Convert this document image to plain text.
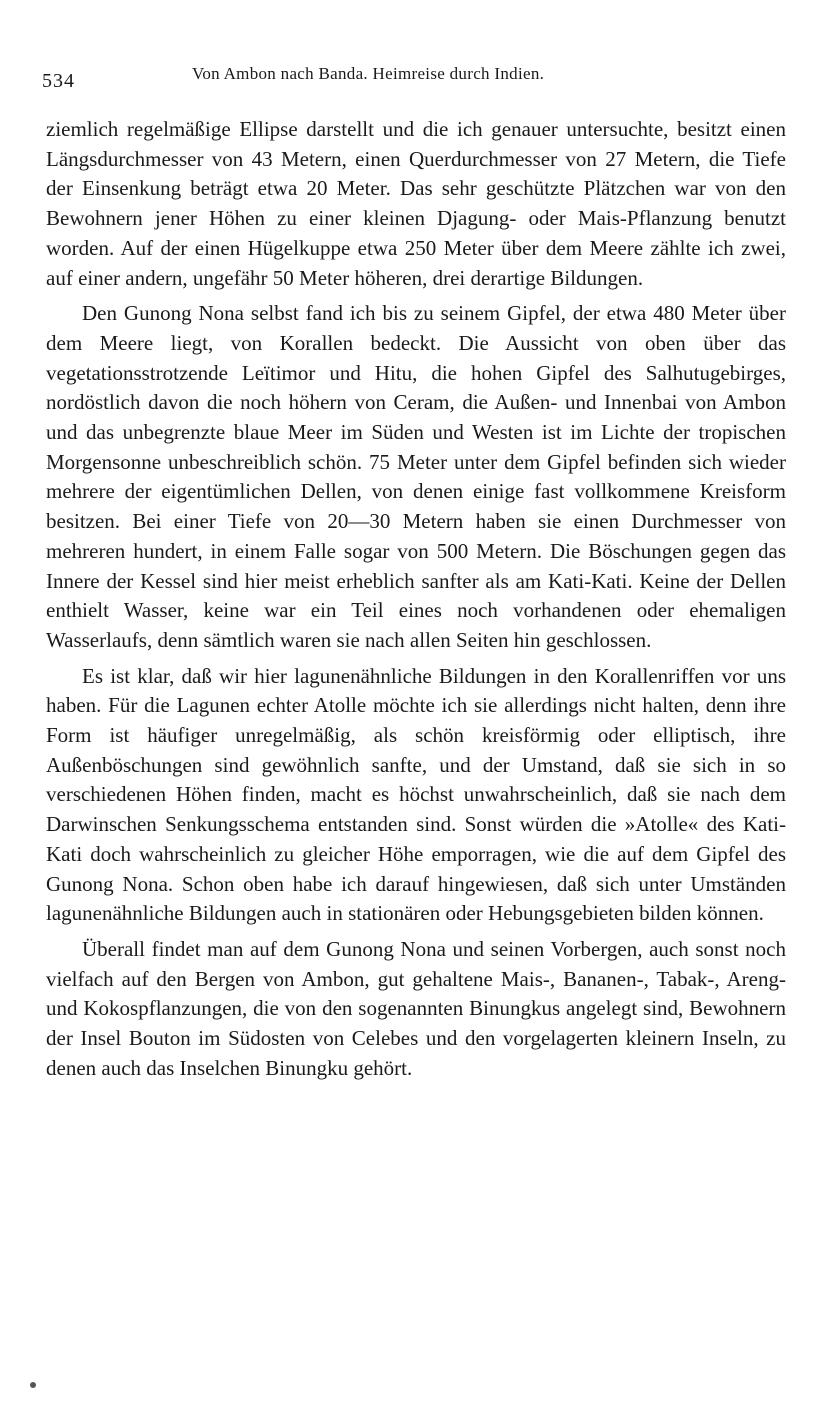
534	Von Ambon nach Banda. Heimreise durch Indien.

ziemlich regelmäßige Ellipse darstellt und die ich genauer untersuchte, besitzt einen Längsdurchmesser von 43 Metern, einen Querdurchmesser von 27 Metern, die Tiefe der Einsenkung beträgt etwa 20 Meter. Das sehr geschützte Plätzchen war von den Bewohnern jener Höhen zu einer kleinen Djagung- oder Mais-Pflanzung benutzt worden. Auf der einen Hügelkuppe etwa 250 Meter über dem Meere zählte ich zwei, auf einer andern, ungefähr 50 Meter höheren, drei derartige Bildungen.

Den Gunong Nona selbst fand ich bis zu seinem Gipfel, der etwa 480 Meter über dem Meere liegt, von Korallen bedeckt. Die Aussicht von oben über das vegetationsstrotzende Leïtimor und Hitu, die hohen Gipfel des Salhutugebirges, nordöstlich davon die noch höhern von Ceram, die Außen- und Innenbai von Ambon und das unbegrenzte blaue Meer im Süden und Westen ist im Lichte der tropischen Morgensonne unbeschreiblich schön. 75 Meter unter dem Gipfel befinden sich wieder mehrere der eigentümlichen Dellen, von denen einige fast vollkommene Kreisform besitzen. Bei einer Tiefe von 20—30 Metern haben sie einen Durchmesser von mehreren hundert, in einem Falle sogar von 500 Metern. Die Böschungen gegen das Innere der Kessel sind hier meist erheblich sanfter als am Kati-Kati. Keine der Dellen enthielt Wasser, keine war ein Teil eines noch vorhandenen oder ehemaligen Wasserlaufs, denn sämtlich waren sie nach allen Seiten hin geschlossen.

Es ist klar, daß wir hier lagunenähnliche Bildungen in den Korallenriffen vor uns haben. Für die Lagunen echter Atolle möchte ich sie allerdings nicht halten, denn ihre Form ist häufiger unregelmäßig, als schön kreisförmig oder elliptisch, ihre Außenböschungen sind gewöhnlich sanfte, und der Umstand, daß sie sich in so verschiedenen Höhen finden, macht es höchst unwahrscheinlich, daß sie nach dem Darwinschen Senkungsschema entstanden sind. Sonst würden die »Atolle« des Kati-Kati doch wahrscheinlich zu gleicher Höhe emporragen, wie die auf dem Gipfel des Gunong Nona. Schon oben habe ich darauf hingewiesen, daß sich unter Umständen lagunenähnliche Bildungen auch in stationären oder Hebungsgebieten bilden können.

Überall findet man auf dem Gunong Nona und seinen Vorbergen, auch sonst noch vielfach auf den Bergen von Ambon, gut gehaltene Mais-, Bananen-, Tabak-, Areng- und Kokospflanzungen, die von den sogenannten Binungkus angelegt sind, Bewohnern der Insel Bouton im Südosten von Celebes und den vorgelagerten kleinern Inseln, zu denen auch das Inselchen Binungku gehört.
